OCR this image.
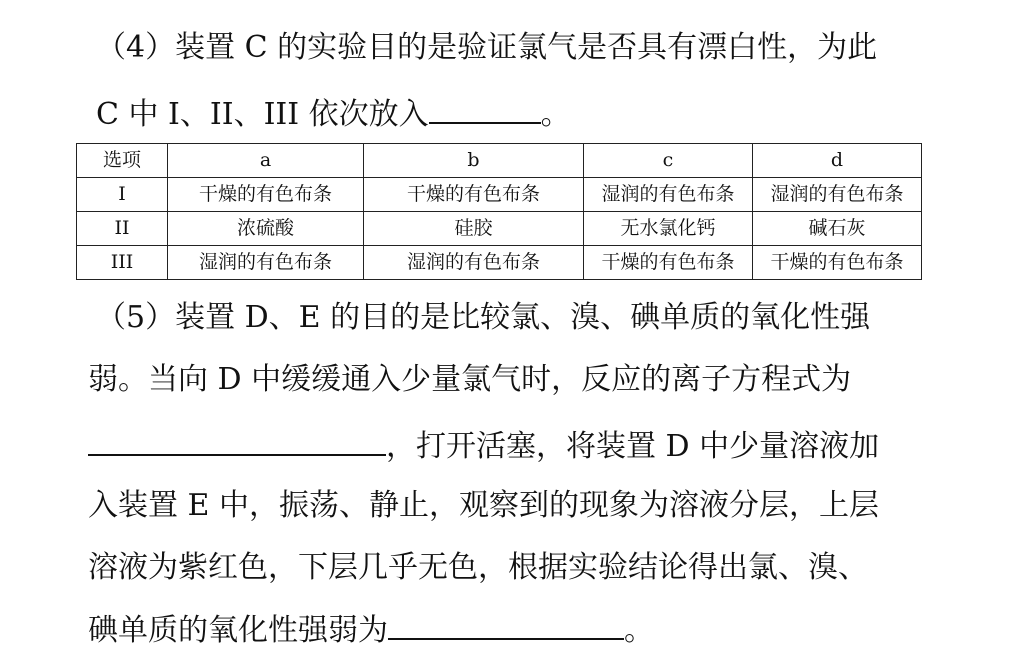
（4）装置 C 的实验目的是验证氯气是否具有漂白性，为此
C 中 I、II、III 依次放入	。
选项	a	b	c	d
I	干燥的有色布条	干燥的有色布条	湿润的有色布条	湿润的有色布条
II	浓硫酸	硅胶	无水氯化钙	碱石灰
III	湿润的有色布条	湿润的有色布条	干燥的有色布条	干燥的有色布条
（5）装置 D、E 的目的是比较氯、溴、碘单质的氧化性强
弱。当向 D 中缓缓通入少量氯气时，反应的离子方程式为
，打开活塞，将装置 D 中少量溶液加
入装置 E 中，振荡、静止，观察到的现象为溶液分层，上层
溶液为紫红色，下层几乎无色，根据实验结论得出氯、溴、
碘单质的氧化性强弱为	。
